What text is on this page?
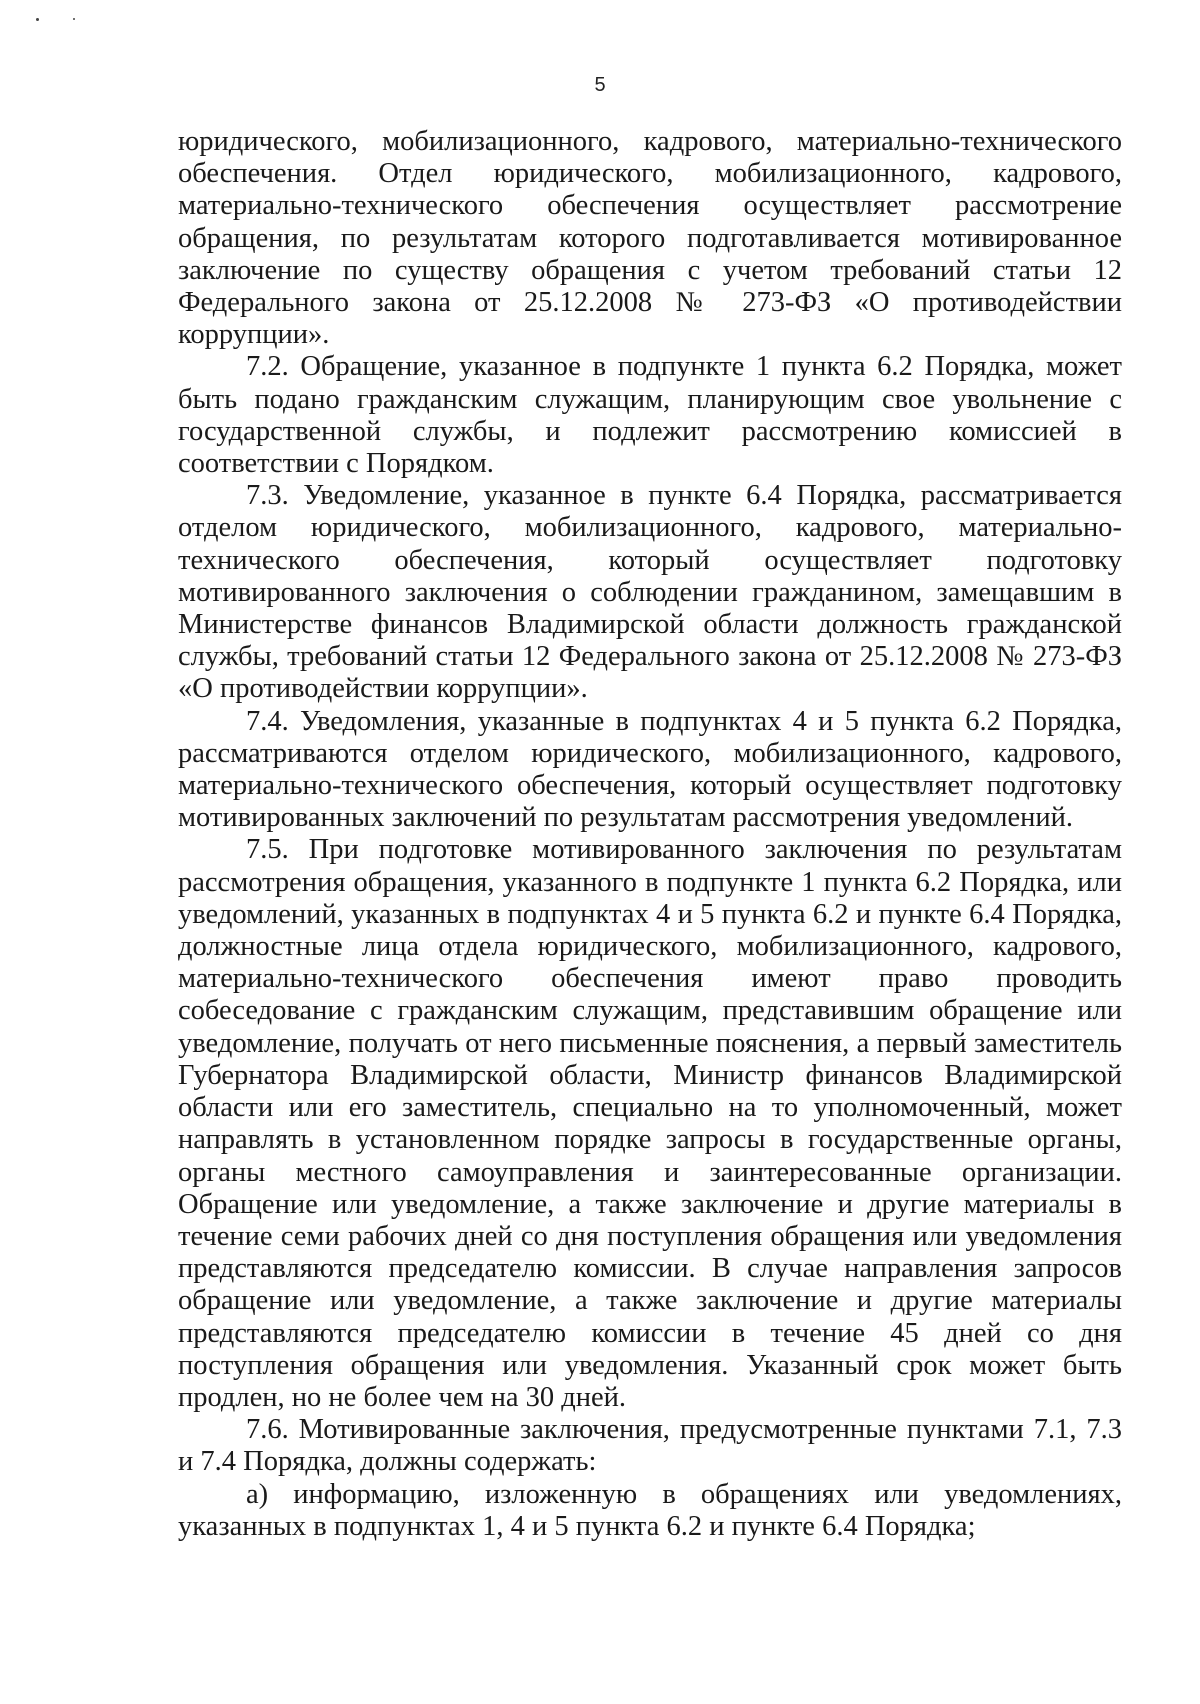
5

юридического, мобилизационного, кадрового, материально-технического обеспечения. Отдел юридического, мобилизационного, кадрового, материально-технического обеспечения осуществляет рассмотрение обращения, по результатам которого подготавливается мотивированное заключение по существу обращения с учетом требований статьи 12 Федерального закона от 25.12.2008 № 273-ФЗ «О противодействии коррупции».

7.2. Обращение, указанное в подпункте 1 пункта 6.2 Порядка, может быть подано гражданским служащим, планирующим свое увольнение с государственной службы, и подлежит рассмотрению комиссией в соответствии с Порядком.

7.3. Уведомление, указанное в пункте 6.4 Порядка, рассматривается отделом юридического, мобилизационного, кадрового, материально-технического обеспечения, который осуществляет подготовку мотивированного заключения о соблюдении гражданином, замещавшим в Министерстве финансов Владимирской области должность гражданской службы, требований статьи 12 Федерального закона от 25.12.2008 № 273-ФЗ «О противодействии коррупции».

7.4. Уведомления, указанные в подпунктах 4 и 5 пункта 6.2 Порядка, рассматриваются отделом юридического, мобилизационного, кадрового, материально-технического обеспечения, который осуществляет подготовку мотивированных заключений по результатам рассмотрения уведомлений.

7.5. При подготовке мотивированного заключения по результатам рассмотрения обращения, указанного в подпункте 1 пункта 6.2 Порядка, или уведомлений, указанных в подпунктах 4 и 5 пункта 6.2 и пункте 6.4 Порядка, должностные лица отдела юридического, мобилизационного, кадрового, материально-технического обеспечения имеют право проводить собеседование с гражданским служащим, представившим обращение или уведомление, получать от него письменные пояснения, а первый заместитель Губернатора Владимирской области, Министр финансов Владимирской области или его заместитель, специально на то уполномоченный, может направлять в установленном порядке запросы в государственные органы, органы местного самоуправления и заинтересованные организации. Обращение или уведомление, а также заключение и другие материалы в течение семи рабочих дней со дня поступления обращения или уведомления представляются председателю комиссии. В случае направления запросов обращение или уведомление, а также заключение и другие материалы представляются председателю комиссии в течение 45 дней со дня поступления обращения или уведомления. Указанный срок может быть продлен, но не более чем на 30 дней.

7.6. Мотивированные заключения, предусмотренные пунктами 7.1, 7.3 и 7.4 Порядка, должны содержать:

а) информацию, изложенную в обращениях или уведомлениях, указанных в подпунктах 1, 4 и 5 пункта 6.2 и пункте 6.4 Порядка;
